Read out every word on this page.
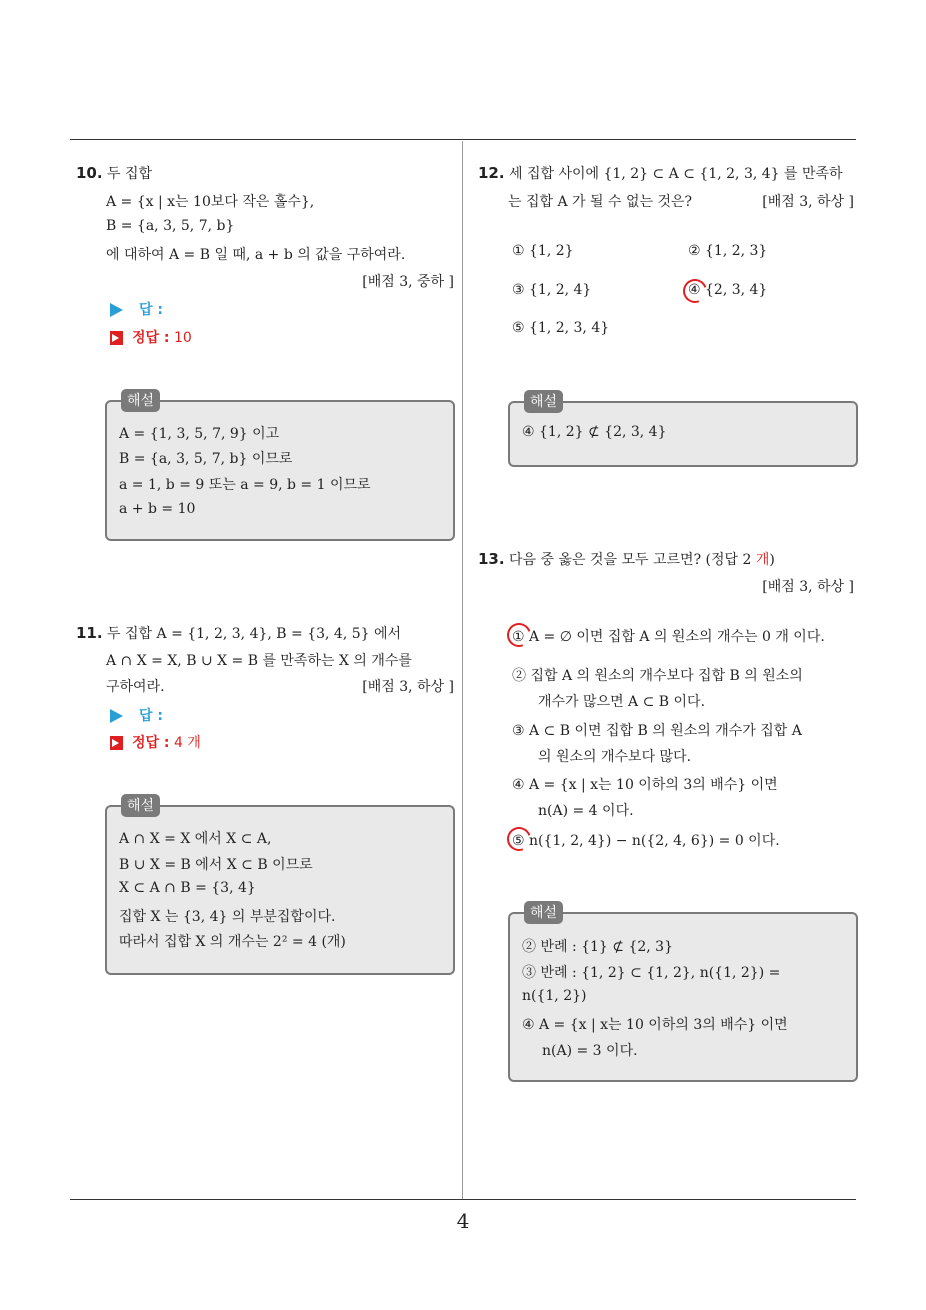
10. 두 집합
A = {x | x는 10보다 작은 홀수},
B = {a, 3, 5, 7, b}
에 대하여 A = B 일 때, a + b 의 값을 구하여라.
[배점 3, 중하 ]
답 :
정답 : 10
해설
A = {1, 3, 5, 7, 9} 이고
B = {a, 3, 5, 7, b} 이므로
a = 1, b = 9 또는 a = 9, b = 1 이므로
a + b = 10
11. 두 집합 A = {1, 2, 3, 4}, B = {3, 4, 5} 에서
A ∩ X = X, B ∪ X = B 를 만족하는 X 의 개수를
구하여라.	[배점 3, 하상 ]
답 :
정답 : 4 개
해설
A ∩ X = X 에서 X ⊂ A,
B ∪ X = B 에서 X ⊂ B 이므로
X ⊂ A ∩ B = {3, 4}
집합 X 는 {3, 4} 의 부분집합이다.
따라서 집합 X 의 개수는 2² = 4 (개)
12. 세 집합 사이에 {1, 2} ⊂ A ⊂ {1, 2, 3, 4} 를 만족하
는 집합 A 가 될 수 없는 것은?	[배점 3, 하상 ]
① {1, 2}	② {1, 2, 3}
③ {1, 2, 4}	④ {2, 3, 4}
⑤ {1, 2, 3, 4}
해설
④ {1, 2} ⊄ {2, 3, 4}
13. 다음 중 옳은 것을 모두 고르면? (정답 2 개)
[배점 3, 하상 ]
① A = ∅ 이면 집합 A 의 원소의 개수는 0 개 이다.
② 집합 A 의 원소의 개수보다 집합 B 의 원소의
개수가 많으면 A ⊂ B 이다.
③ A ⊂ B 이면 집합 B 의 원소의 개수가 집합 A
의 원소의 개수보다 많다.
④ A = {x | x는 10 이하의 3의 배수} 이면
n(A) = 4 이다.
⑤ n({1, 2, 4}) − n({2, 4, 6}) = 0 이다.
해설
② 반례 : {1} ⊄ {2, 3}
③ 반례 : {1, 2} ⊂ {1, 2}, n({1, 2}) =
n({1, 2})
④ A = {x | x는 10 이하의 3의 배수} 이면
n(A) = 3 이다.
4
